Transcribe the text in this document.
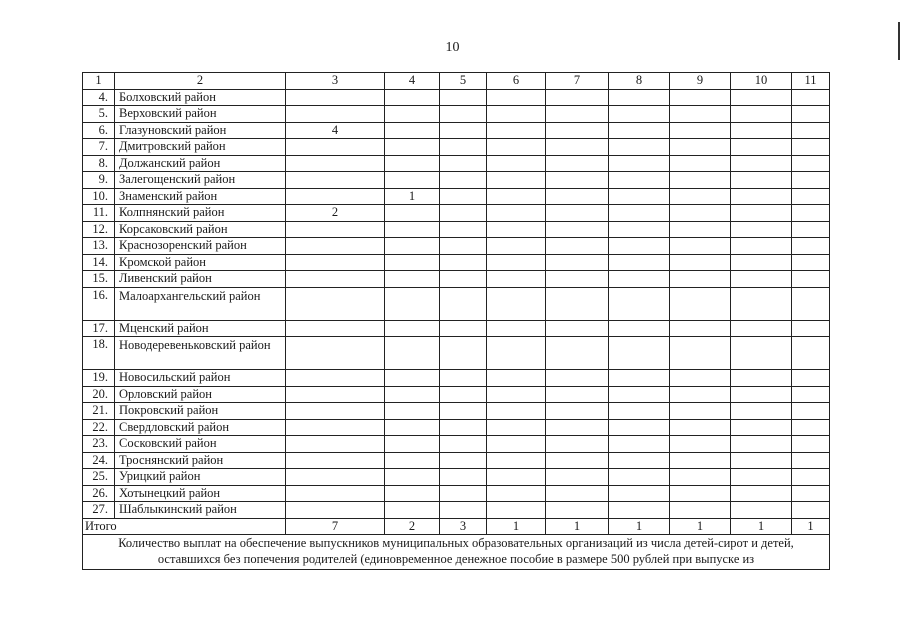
10
1	2	3	4	5	6	7	8	9	10	11
4.	Болховский район									
5.	Верховский район									
6.	Глазуновский район	4								
7.	Дмитровский район									
8.	Должанский район									
9.	Залегощенский район									
10.	Знаменский район		1							
11.	Колпнянский район	2								
12.	Корсаковский район									
13.	Краснозоренский район									
14.	Кромской район									
15.	Ливенский район									
16.	Малоархангельский район									
17.	Мценский район									
18.	Новодеревеньковский район									
19.	Новосильский район									
20.	Орловский район									
21.	Покровский район									
22.	Свердловский район									
23.	Сосковский район									
24.	Троснянский район									
25.	Урицкий район									
26.	Хотынецкий район									
27.	Шаблыкинский район									
Итого		7	2	3	1	1	1	1	1	1
Количество выплат на обеспечение выпускников муниципальных образовательных организаций из числа детей-сирот и детей, оставшихся без попечения родителей (единовременное денежное пособие в размере 500 рублей при выпуске из										
